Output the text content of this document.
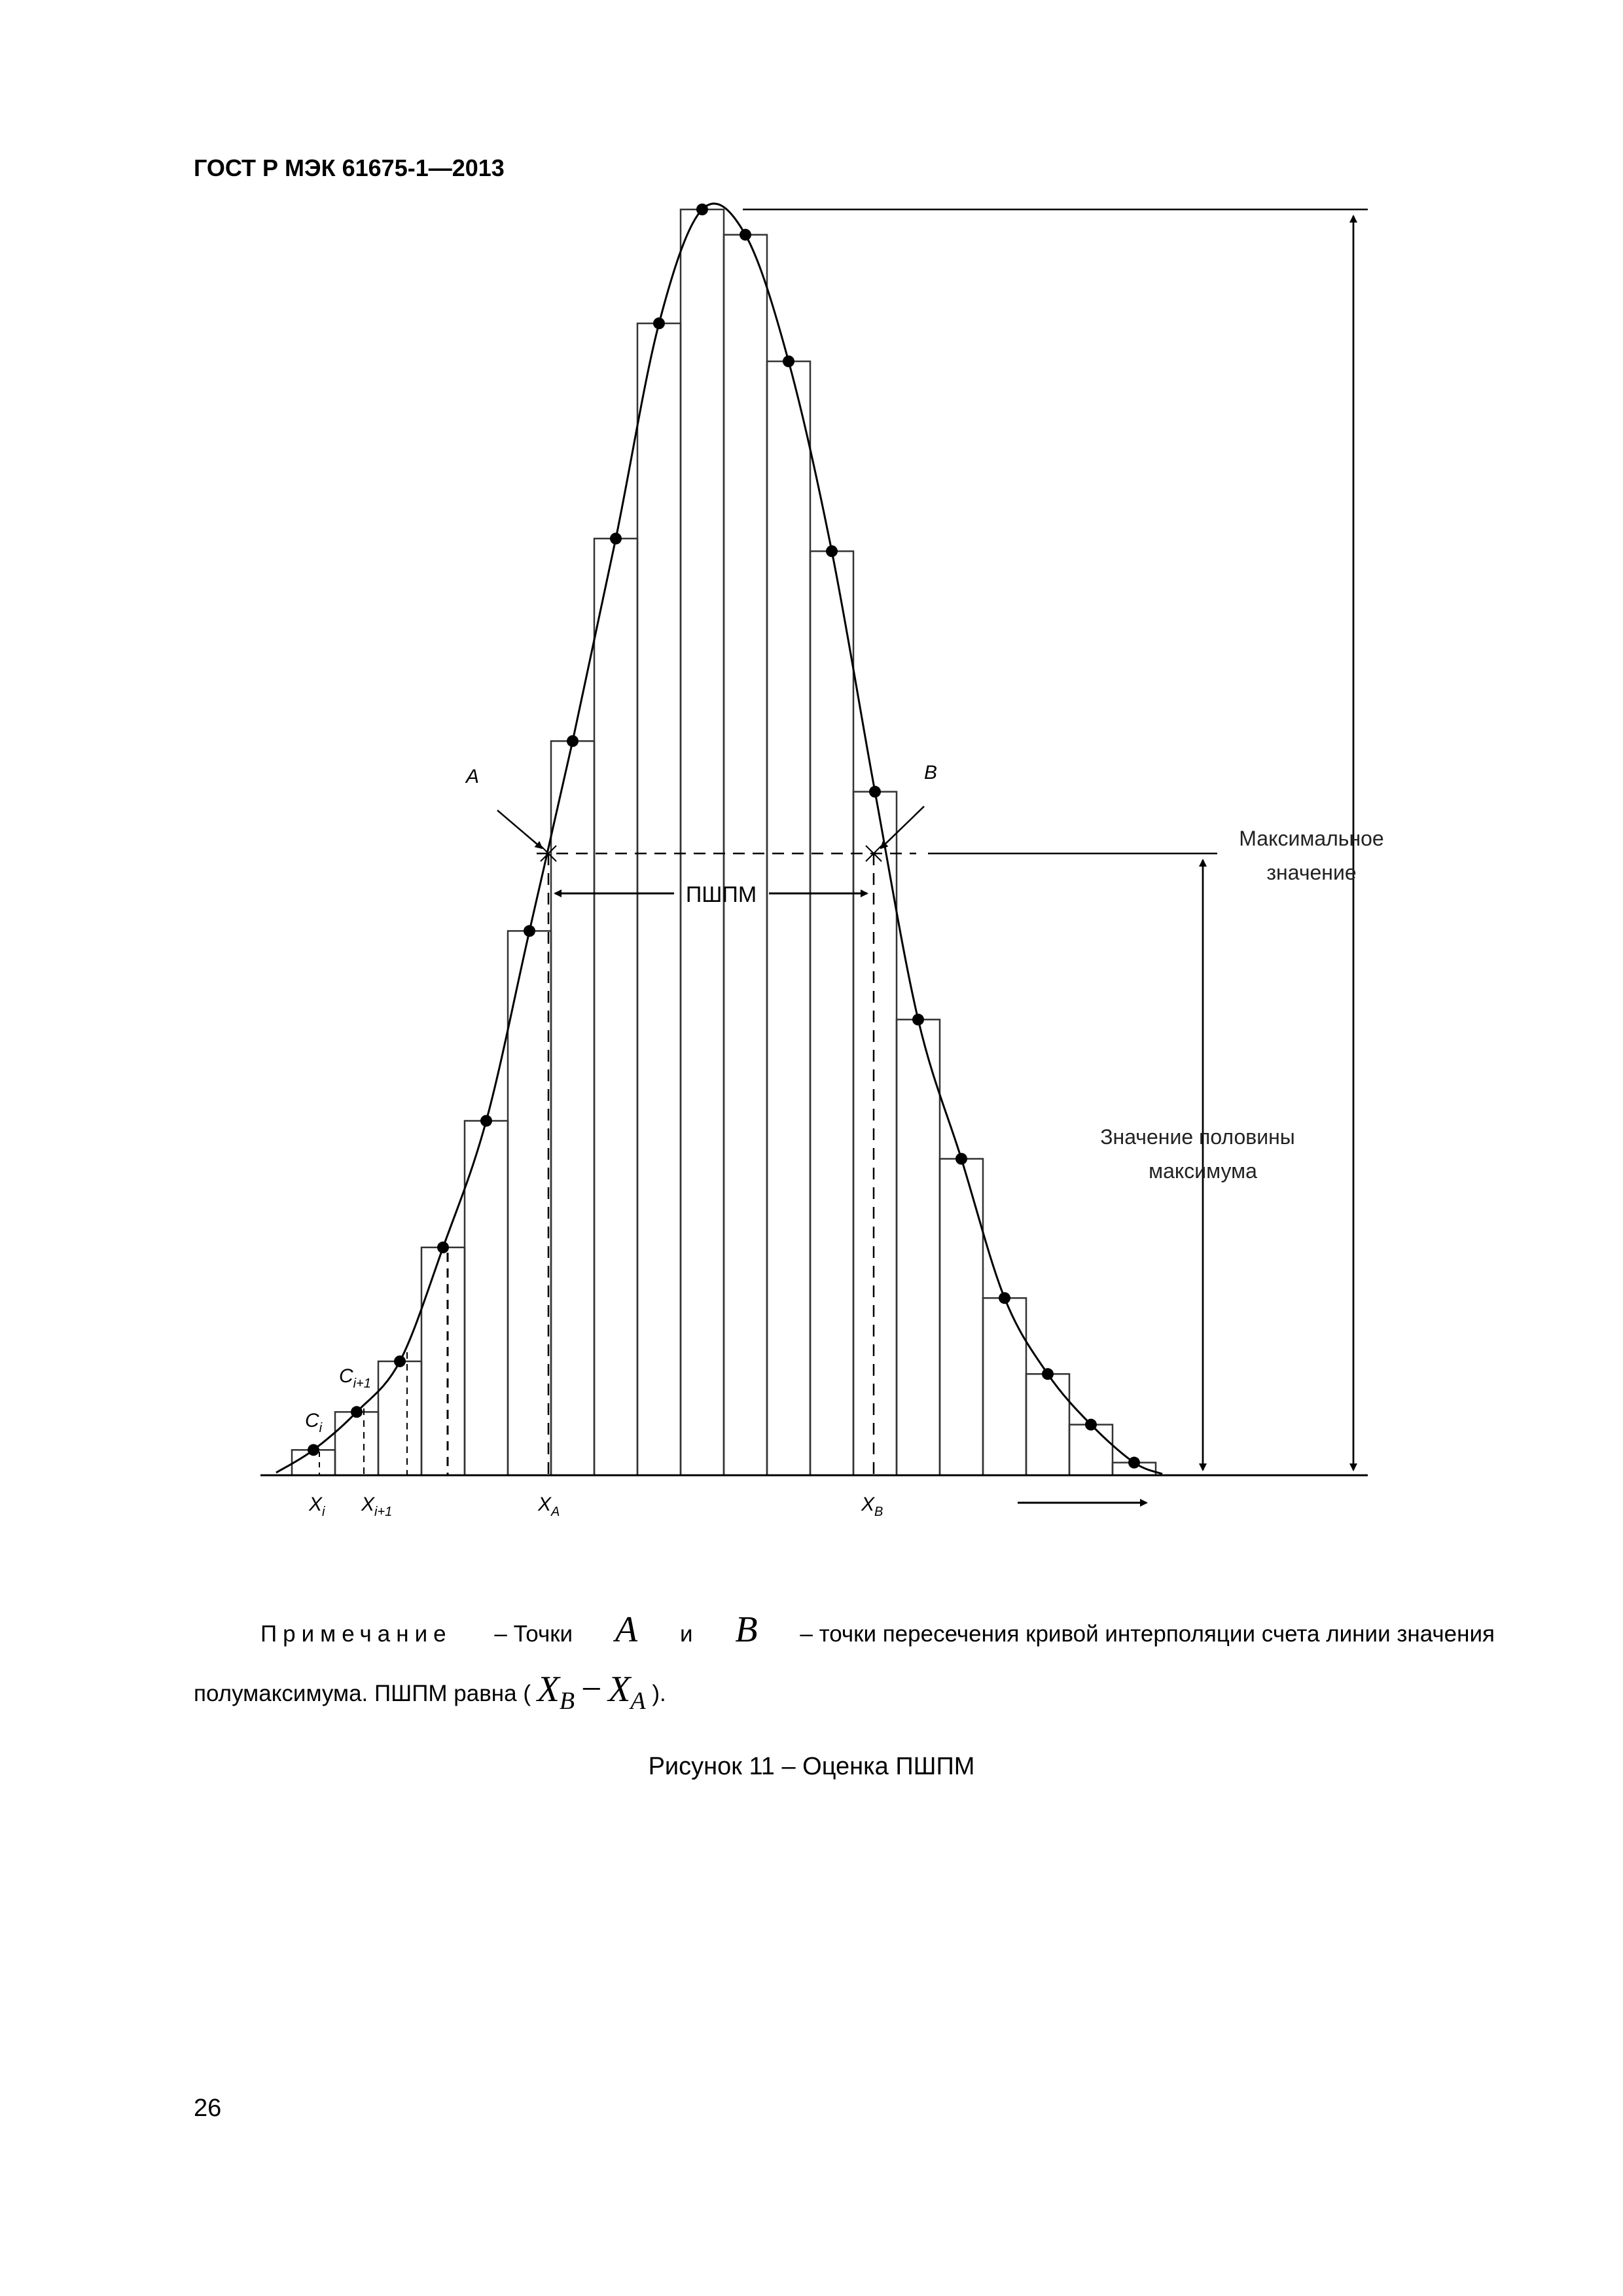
ГОСТ Р МЭК 61675-1—2013
ПШПМ
A	B
Максимальное
значение
Значение половины
максимума
$C_i$
$C_{i+1}$
$X_i$ $X_{i+1}$	$X_A$	$X_B$
Примечание – Точки A и B – точки пересечения кривой интерполяции счета линии значения
полумаксимума. ПШПМ равна ( $X_B - X_A$ ).
Рисунок 11 – Оценка ПШПМ
26
